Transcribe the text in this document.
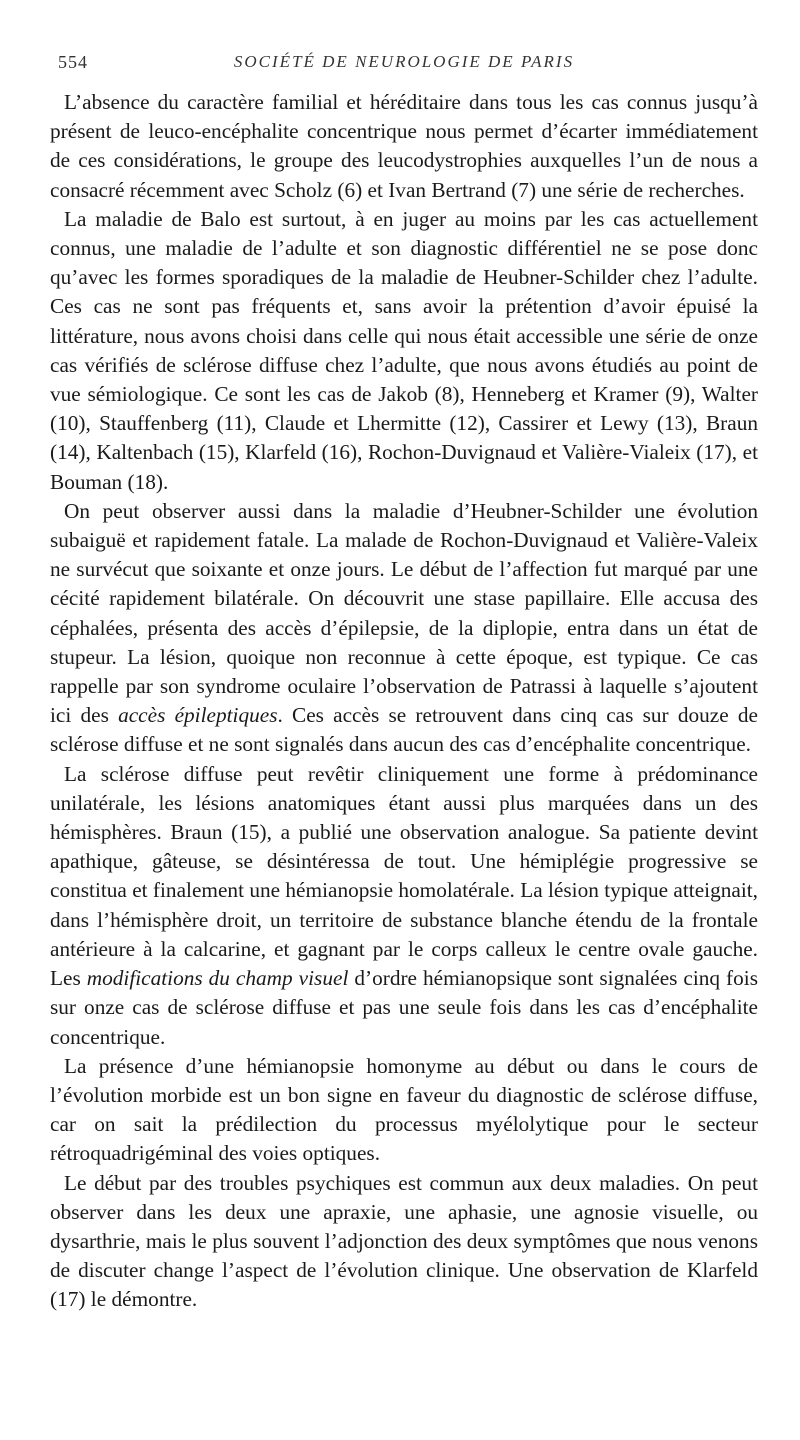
554	SOCIÉTÉ DE NEUROLOGIE DE PARIS

L’absence du caractère familial et héréditaire dans tous les cas connus jusqu’à présent de leuco-encéphalite concentrique nous permet d’écarter immédiatement de ces considérations, le groupe des leucodystrophies auxquelles l’un de nous a consacré récemment avec Scholz (6) et Ivan Bertrand (7) une série de recherches.

La maladie de Balo est surtout, à en juger au moins par les cas actuellement connus, une maladie de l’adulte et son diagnostic différentiel ne se pose donc qu’avec les formes sporadiques de la maladie de Heubner-Schilder chez l’adulte. Ces cas ne sont pas fréquents et, sans avoir la prétention d’avoir épuisé la littérature, nous avons choisi dans celle qui nous était accessible une série de onze cas vérifiés de sclérose diffuse chez l’adulte, que nous avons étudiés au point de vue sémiologique. Ce sont les cas de Jakob (8), Henneberg et Kramer (9), Walter (10), Stauffenberg (11), Claude et Lhermitte (12), Cassirer et Lewy (13), Braun (14), Kaltenbach (15), Klarfeld (16), Rochon-Duvignaud et Valière-Vialeix (17), et Bouman (18).

On peut observer aussi dans la maladie d’Heubner-Schilder une évolution subaiguë et rapidement fatale. La malade de Rochon-Duvignaud et Valière-Valeix ne survécut que soixante et onze jours. Le début de l’affection fut marqué par une cécité rapidement bilatérale. On découvrit une stase papillaire. Elle accusa des céphalées, présenta des accès d’épilepsie, de la diplopie, entra dans un état de stupeur. La lésion, quoique non reconnue à cette époque, est typique. Ce cas rappelle par son syndrome oculaire l’observation de Patrassi à laquelle s’ajoutent ici des accès épileptiques. Ces accès se retrouvent dans cinq cas sur douze de sclérose diffuse et ne sont signalés dans aucun des cas d’encéphalite concentrique.

La sclérose diffuse peut revêtir cliniquement une forme à prédominance unilatérale, les lésions anatomiques étant aussi plus marquées dans un des hémisphères. Braun (15), a publié une observation analogue. Sa patiente devint apathique, gâteuse, se désintéressa de tout. Une hémiplégie progressive se constitua et finalement une hémianopsie homolatérale. La lésion typique atteignait, dans l’hémisphère droit, un territoire de substance blanche étendu de la frontale antérieure à la calcarine, et gagnant par le corps calleux le centre ovale gauche. Les modifications du champ visuel d’ordre hémianopsique sont signalées cinq fois sur onze cas de sclérose diffuse et pas une seule fois dans les cas d’encéphalite concentrique.

La présence d’une hémianopsie homonyme au début ou dans le cours de l’évolution morbide est un bon signe en faveur du diagnostic de sclérose diffuse, car on sait la prédilection du processus myélolytique pour le secteur rétroquadrigéminal des voies optiques.

Le début par des troubles psychiques est commun aux deux maladies. On peut observer dans les deux une apraxie, une aphasie, une agnosie visuelle, ou dysarthrie, mais le plus souvent l’adjonction des deux symptômes que nous venons de discuter change l’aspect de l’évolution clinique. Une observation de Klarfeld (17) le démontre.
